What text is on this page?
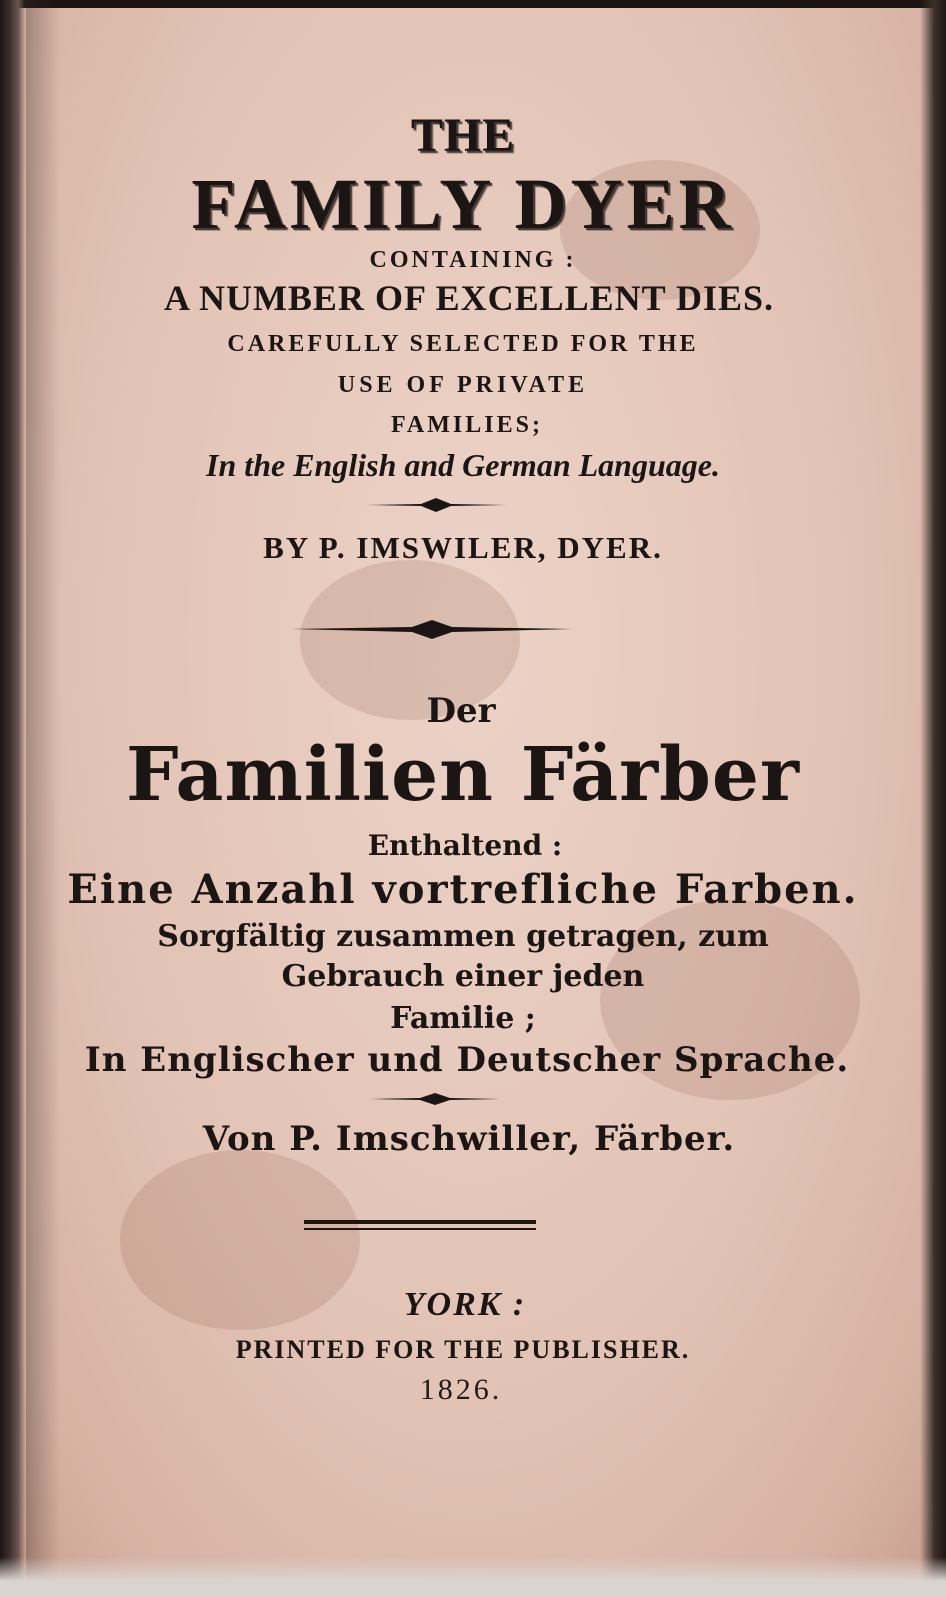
THE
FAMILY DYER
CONTAINING :
A NUMBER OF EXCELLENT DIES.
CAREFULLY SELECTED FOR THE
USE OF PRIVATE
FAMILIES;
In the English and German Language.
BY P. IMSWILER, DYER.
Der
Familien Färber
Enthaltend :
Eine Anzahl vortrefliche Farben.
Sorgfältig zusammen getragen, zum
Gebrauch einer jeden
Familie ;
In Englischer und Deutscher Sprache.
Von P. Imschwiller, Färber.
YORK :
PRINTED FOR THE PUBLISHER.
1826.
